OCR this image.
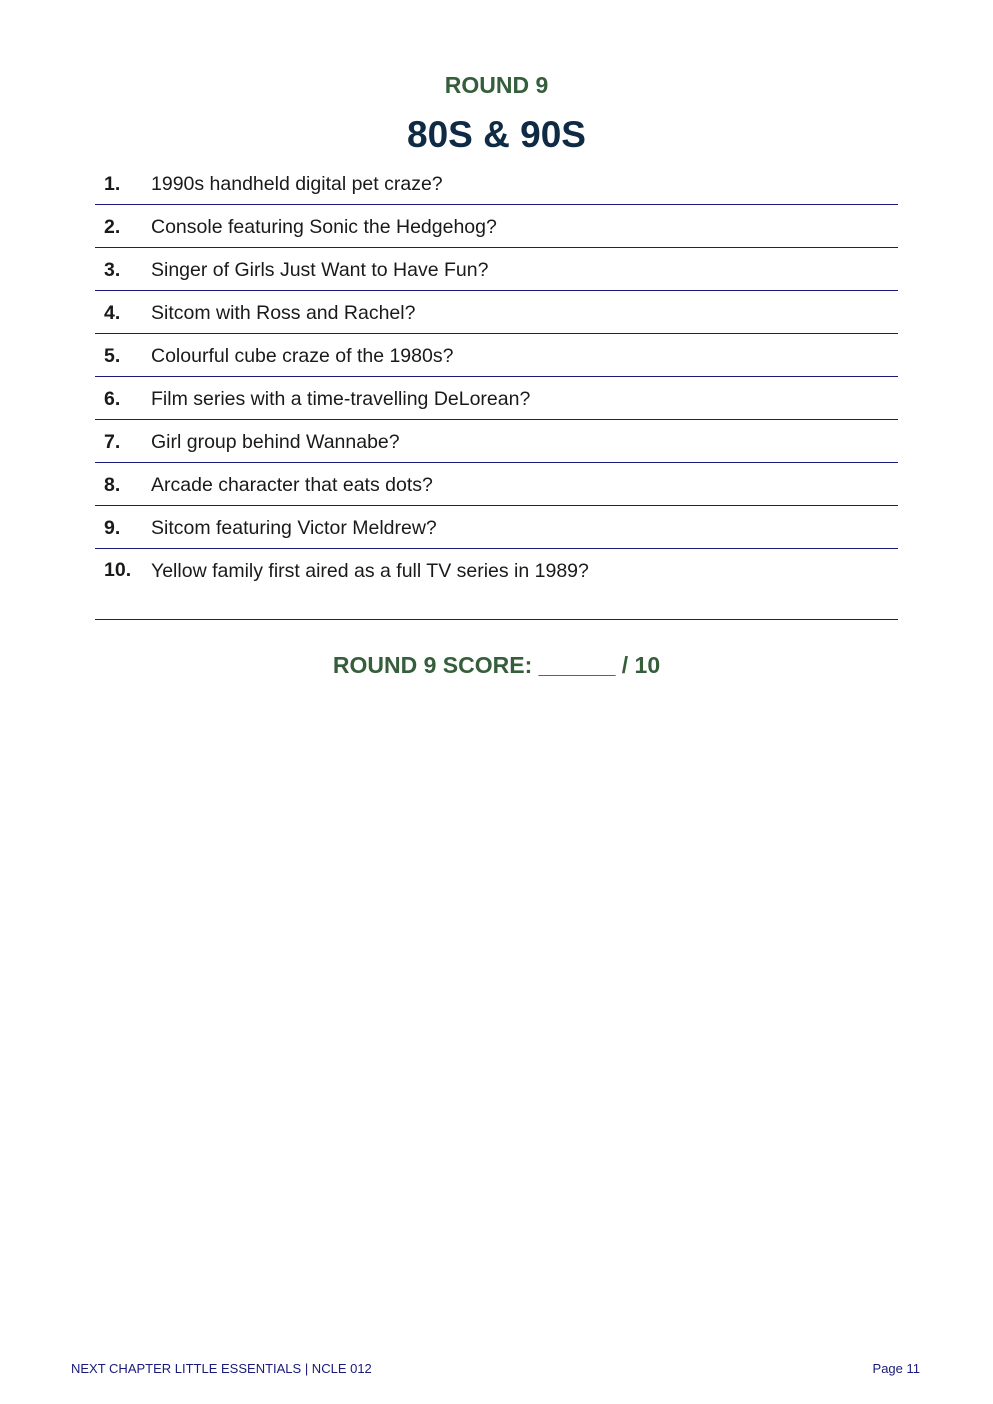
ROUND 9
80S & 90S
1.	1990s handheld digital pet craze?
2.	Console featuring Sonic the Hedgehog?
3.	Singer of Girls Just Want to Have Fun?
4.	Sitcom with Ross and Rachel?
5.	Colourful cube craze of the 1980s?
6.	Film series with a time-travelling DeLorean?
7.	Girl group behind Wannabe?
8.	Arcade character that eats dots?
9.	Sitcom featuring Victor Meldrew?
10.	Yellow family first aired as a full TV series in 1989?
ROUND 9 SCORE: ______ / 10
NEXT CHAPTER LITTLE ESSENTIALS | NCLE 012	Page 11
